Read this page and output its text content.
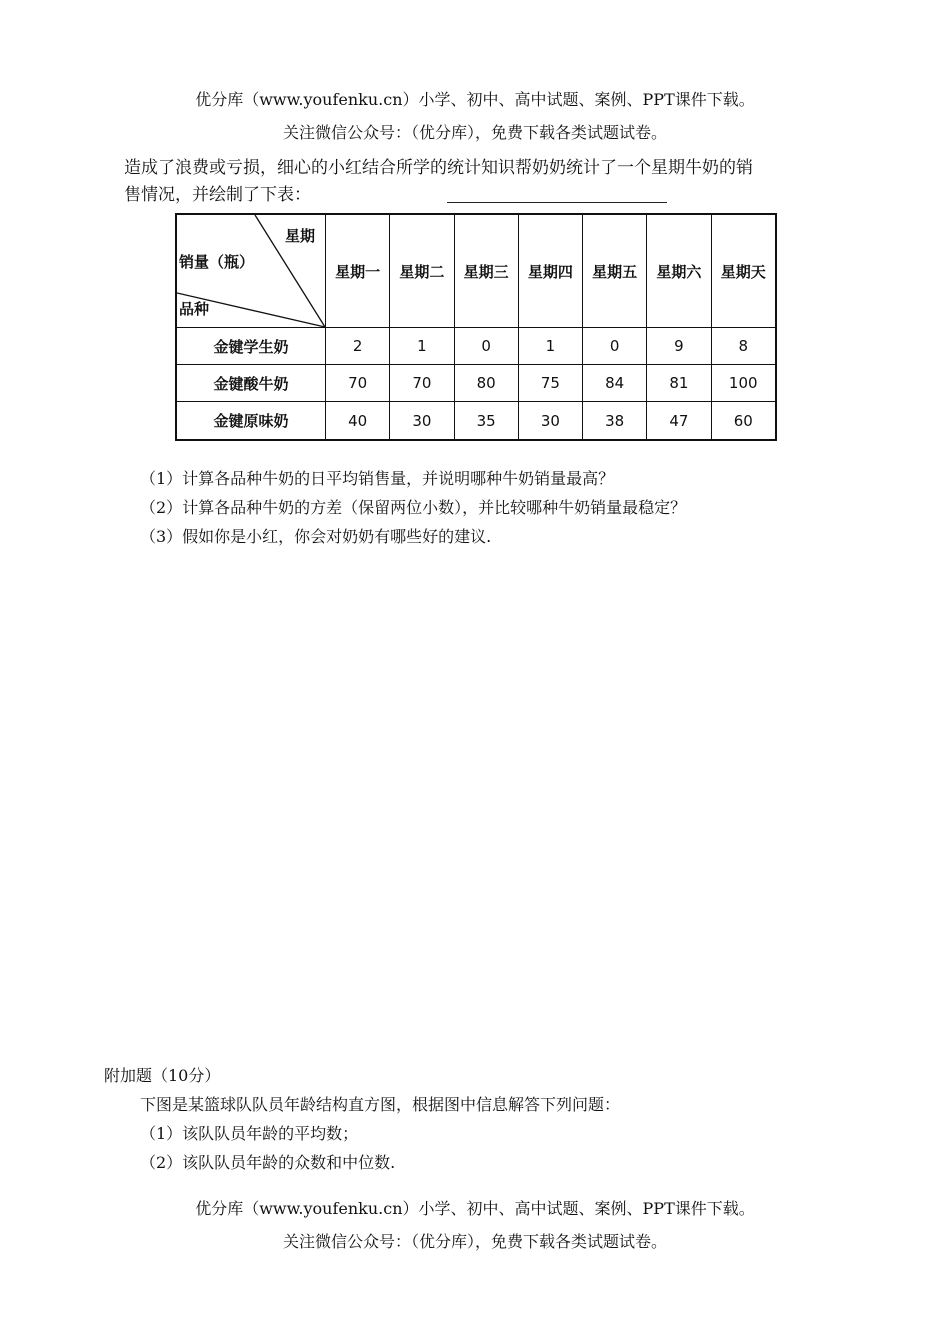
优分库（www.youfenku.cn）小学、初中、高中试题、案例、PPT课件下载。
关注微信公众号：（优分库），免费下载各类试题试卷。
造成了浪费或亏损，细心的小红结合所学的统计知识帮奶奶统计了一个星期牛奶的销
售情况，并绘制了下表：
星期
销量（瓶）
品种	星期一	星期二	星期三	星期四	星期五	星期六	星期天
金键学生奶	2	1	0	1	0	9	8
金键酸牛奶	70	70	80	75	84	81	100
金键原味奶	40	30	35	30	38	47	60
（1）计算各品种牛奶的日平均销售量，并说明哪种牛奶销量最高？
（2）计算各品种牛奶的方差（保留两位小数），并比较哪种牛奶销量最稳定？
（3）假如你是小红，你会对奶奶有哪些好的建议.
附加题（10分）
下图是某篮球队队员年龄结构直方图，根据图中信息解答下列问题：
（1）该队队员年龄的平均数；
（2）该队队员年龄的众数和中位数.
优分库（www.youfenku.cn）小学、初中、高中试题、案例、PPT课件下载。
关注微信公众号：（优分库），免费下载各类试题试卷。
